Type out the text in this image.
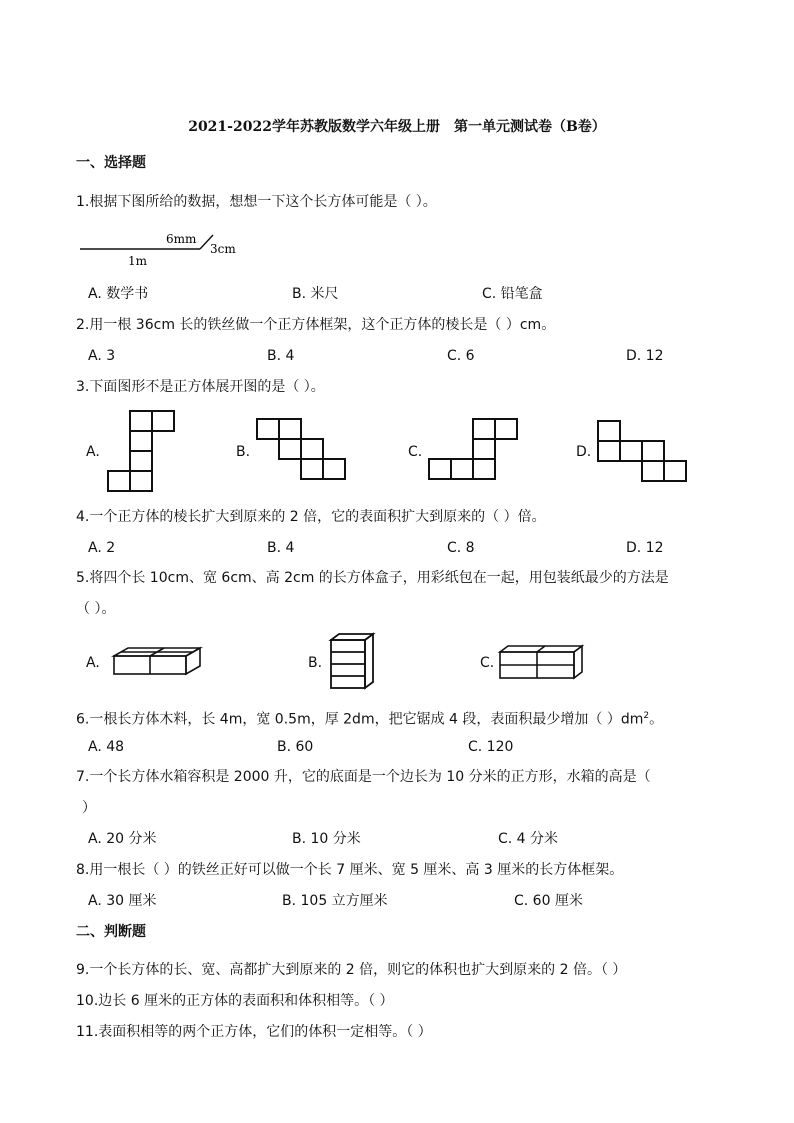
2021-2022学年苏教版数学六年级上册　第一单元测试卷（B卷）
一、选择题
1.根据下图所给的数据，想想一下这个长方体可能是（ ）。
6mm
3cm
1m
A. 数学书	B. 米尺	C. 铅笔盒
2.用一根 36cm 长的铁丝做一个正方体框架，这个正方体的棱长是（ ）cm。
A. 3	B. 4	C. 6	D. 12
3.下面图形不是正方体展开图的是（ ）。
A.	B.	C.	D.
4.一个正方体的棱长扩大到原来的 2 倍，它的表面积扩大到原来的（ ）倍。
A. 2	B. 4	C. 8	D. 12
5.将四个长 10cm、宽 6cm、高 2cm 的长方体盒子，用彩纸包在一起，用包装纸最少的方法是
（ ）。
A.	B.	C.
6.一根长方体木料，长 4m，宽 0.5m，厚 2dm，把它锯成 4 段，表面积最少增加（ ）$dm^2$。
A. 48	B. 60	C. 120
7.一个长方体水箱容积是 2000 升，它的底面是一个边长为 10 分米的正方形，水箱的高是（
）
A. 20 分米	B. 10 分米	C. 4 分米
8.用一根长（ ）的铁丝正好可以做一个长 7 厘米、宽 5 厘米、高 3 厘米的长方体框架。
A. 30 厘米	B. 105 立方厘米	C. 60 厘米
二、判断题
9.一个长方体的长、宽、高都扩大到原来的 2 倍，则它的体积也扩大到原来的 2 倍。（ ）
10.边长 6 厘米的正方体的表面积和体积相等。（ ）
11.表面积相等的两个正方体，它们的体积一定相等。（ ）
